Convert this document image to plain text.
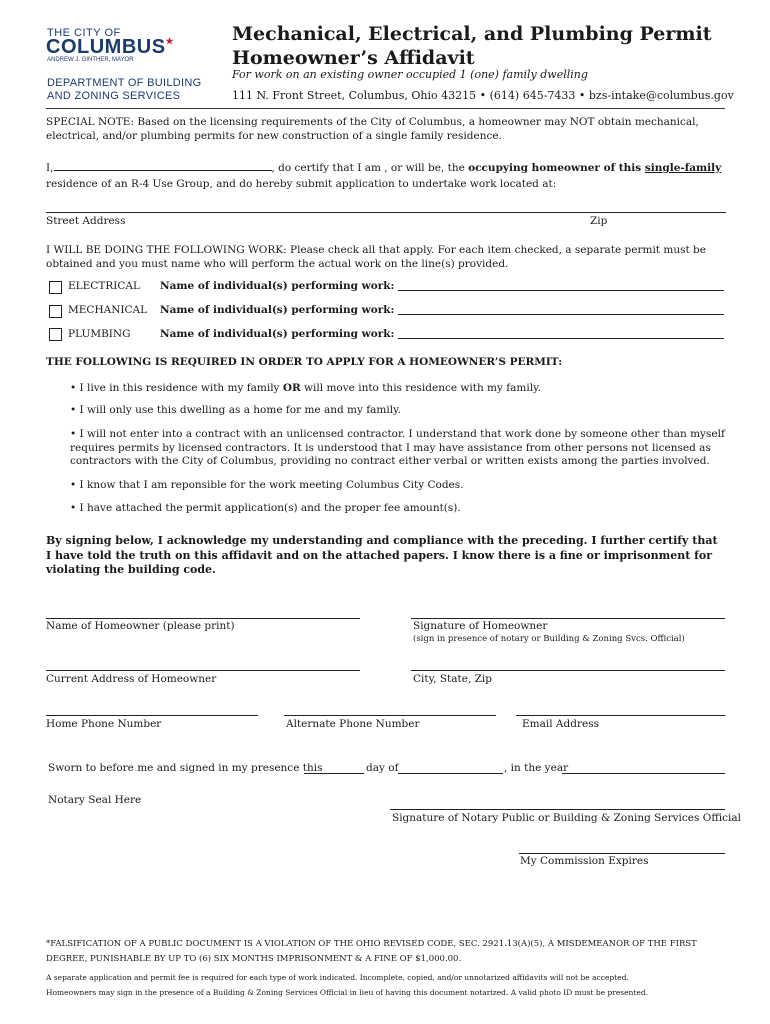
THE CITY OF
COLUMBUS★
ANDREW J. GINTHER, MAYOR
DEPARTMENT OF BUILDING AND ZONING SERVICES
Mechanical, Electrical, and Plumbing Permit Homeowner’s Affidavit
For work on an existing owner occupied 1 (one) family dwelling
111 N. Front Street, Columbus, Ohio 43215 • (614) 645-7433 • bzs-intake@columbus.gov
SPECIAL NOTE: Based on the licensing requirements of the City of Columbus, a homeowner may NOT obtain mechanical, electrical, and/or plumbing permits for new construction of a single family residence.
I,	, do certify that I am , or will be, the occupying homeowner of this single-family
residence of an R-4 Use Group, and do hereby submit application to undertake work located at:
Street Address	Zip
I WILL BE DOING THE FOLLOWING WORK: Please check all that apply. For each item checked, a separate permit must be obtained and you must name who will perform the actual work on the line(s) provided.
ELECTRICAL Name of individual(s) performing work:
MECHANICAL Name of individual(s) performing work:
PLUMBING	Name of individual(s) performing work:
THE FOLLOWING IS REQUIRED IN ORDER TO APPLY FOR A HOMEOWNER’S PERMIT:
• I live in this residence with my family OR will move into this residence with my family.
• I will only use this dwelling as a home for me and my family.
• I will not enter into a contract with an unlicensed contractor. I understand that work done by someone other than myself requires permits by licensed contractors. It is understood that I may have assistance from other persons not licensed as contractors with the City of Columbus, providing no contract either verbal or written exists among the parties involved.
• I know that I am reponsible for the work meeting Columbus City Codes.
• I have attached the permit application(s) and the proper fee amount(s).
By signing below, I acknowledge my understanding and compliance with the preceding. I further certify that I have told the truth on this affidavit and on the attached papers. I know there is a fine or imprisonment for violating the building code.
Name of Homeowner (please print)	Signature of Homeowner
(sign in presence of notary or Building & Zoning Svcs. Official)
Current Address of Homeowner	City, State, Zip
Home Phone Number	Alternate Phone Number	Email Address
Sworn to before me and signed in my presence this	day of	, in the year
Notary Seal Here
Signature of Notary Public or Building & Zoning Services Official
My Commission Expires
*FALSIFICATION OF A PUBLIC DOCUMENT IS A VIOLATION OF THE OHIO REVISED CODE, SEC. 2921.13(A)(5), A MISDEMEANOR OF THE FIRST DEGREE, PUNISHABLE BY UP TO (6) SIX MONTHS IMPRISONMENT & A FINE OF $1,000.00.
A separate application and permit fee is required for each type of work indicated. Incomplete, copied, and/or unnotarized affidavits will not be accepted.
Homeowners may sign in the presence of a Building & Zoning Services Official in lieu of having this document notarized. A valid photo ID must be presented.
